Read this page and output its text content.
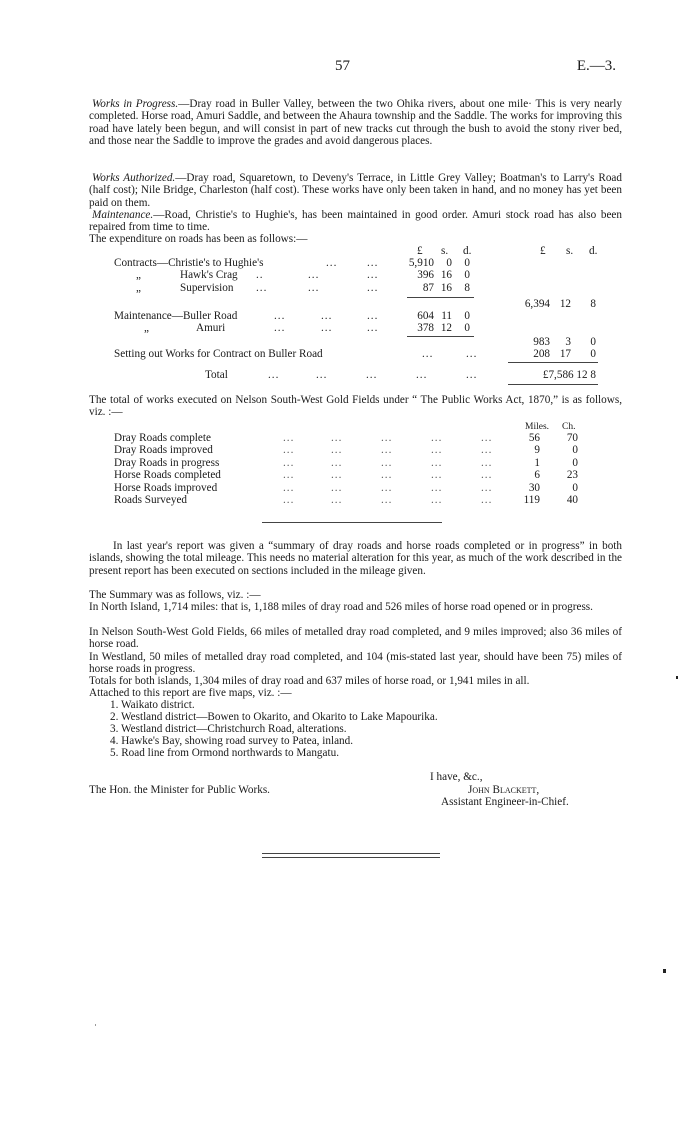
57	E.—3.
Works in Progress.—Dray road in Buller Valley, between the two Ohika rivers, about one mile· This is very nearly completed. Horse road, Amuri Saddle, and between the Ahaura township and the Saddle. The works for improving this road have lately been begun, and will consist in part of new tracks cut through the bush to avoid the stony river bed, and those near the Saddle to improve the grades and avoid dangerous places.
Works Authorized.—Dray road, Squaretown, to Deveny's Terrace, in Little Grey Valley; Boatman's to Larry's Road (half cost); Nile Bridge, Charleston (half cost). These works have only been taken in hand, and no money has yet been paid on them.
Maintenance.—Road, Christie's to Hughie's, has been maintained in good order. Amuri stock road has also been repaired from time to time.
The expenditure on roads has been as follows:—
£ s. d.	£ s. d.
Contracts—Christie's to Hughie's	...	...	5,910	0	0
„	Hawk's Crag ..	...	...	396 16	0
„	Supervision ...	...	...	87 16	8
6,394 12	8
Maintenance—Buller Road	...	...	...	604 11	0
„	Amuri	...	...	...	378 12	0
983	3	0
Setting out Works for Contract on Buller Road	...	...	208 17	0
Total	...	...	...	...	...	£7,586 12 8
The total of works executed on Nelson South-West Gold Fields under “ The Public Works Act, 1870,” is as follows, viz. :—
Miles. Ch.
Dray Roads complete	...	...	...	...	...	56	70
Dray Roads improved	...	...	...	...	...	9	0
Dray Roads in progress	...	...	...	...	...	1	0
Horse Roads completed	...	...	...	...	...	6	23
Horse Roads improved	...	...	...	...	...	30	0
Roads Surveyed	...	...	...	...	...	119	40
In last year's report was given a “summary of dray roads and horse roads completed or in progress” in both islands, showing the total mileage. This needs no material alteration for this year, as much of the work described in the present report has been executed on sections included in the mileage given.
The Summary was as follows, viz. :—
In North Island, 1,714 miles: that is, 1,188 miles of dray road and 526 miles of horse road opened or in progress.
In Nelson South-West Gold Fields, 66 miles of metalled dray road completed, and 9 miles improved; also 36 miles of horse road.
In Westland, 50 miles of metalled dray road completed, and 104 (mis-stated last year, should have been 75) miles of horse roads in progress.
Totals for both islands, 1,304 miles of dray road and 637 miles of horse road, or 1,941 miles in all.
Attached to this report are five maps, viz. :—
1. Waikato district.
2. Westland district—Bowen to Okarito, and Okarito to Lake Mapourika.
3. Westland district—Christchurch Road, alterations.
4. Hawke's Bay, showing road survey to Patea, inland.
5. Road line from Ormond northwards to Mangatu.
I have, &c.,
The Hon. the Minister for Public Works.	John Blackett,
Assistant Engineer-in-Chief.
